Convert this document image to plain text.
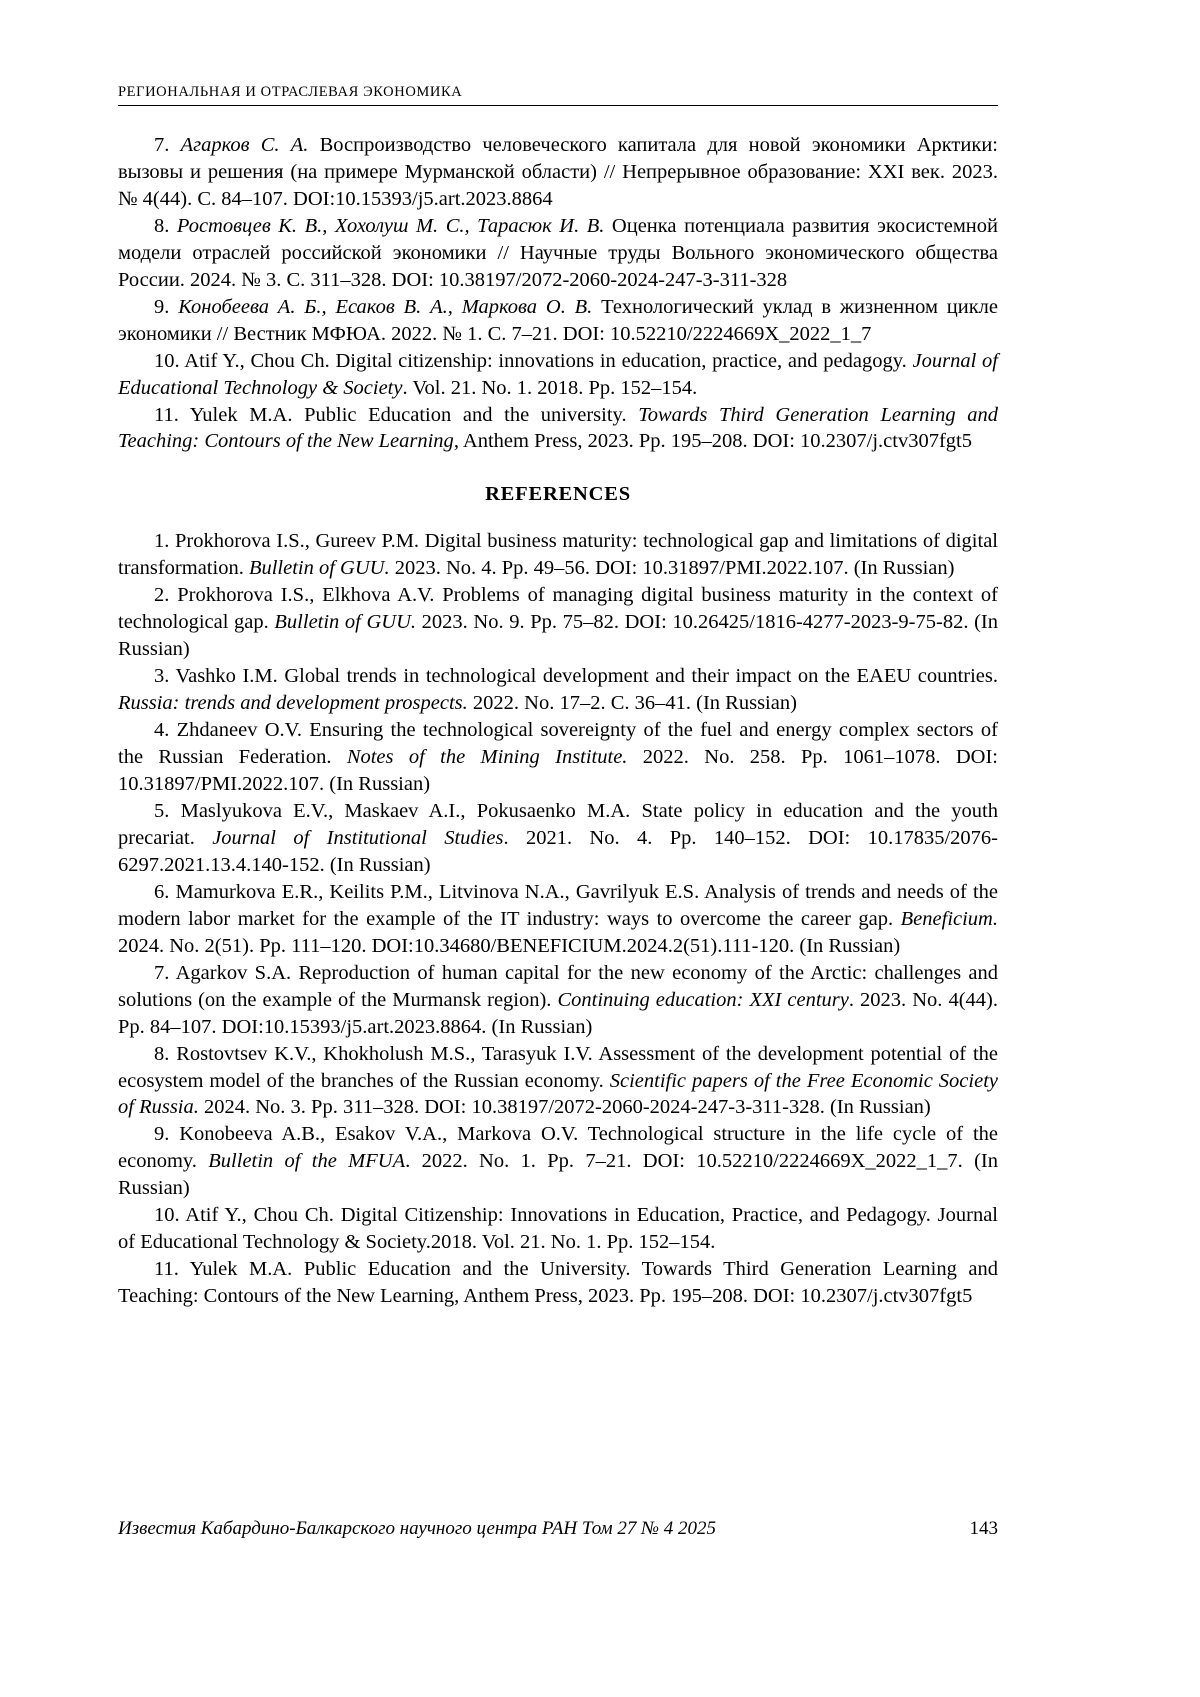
РЕГИОНАЛЬНАЯ И ОТРАСЛЕВАЯ ЭКОНОМИКА

7. Агарков С. А. Воспроизводство человеческого капитала для новой экономики Арктики: вызовы и решения (на примере Мурманской области) // Непрерывное образование: XXI век. 2023. № 4(44). С. 84–107. DOI:10.15393/j5.art.2023.8864

8. Ростовцев К. В., Хохолуш М. С., Тарасюк И. В. Оценка потенциала развития экосистемной модели отраслей российской экономики // Научные труды Вольного экономического общества России. 2024. № 3. С. 311–328. DOI: 10.38197/2072-2060-2024-247-3-311-328

9. Конобеева А. Б., Есаков В. А., Маркова О. В. Технологический уклад в жизненном цикле экономики // Вестник МФЮА. 2022. № 1. С. 7–21. DOI: 10.52210/2224669X_2022_1_7

10. Atif Y., Chou Ch. Digital citizenship: innovations in education, practice, and pedagogy. Journal of Educational Technology & Society. Vol. 21. No. 1. 2018. Pp. 152–154.

11. Yulek M.A. Public Education and the university. Towards Third Generation Learning and Teaching: Contours of the New Learning, Anthem Press, 2023. Pp. 195–208. DOI: 10.2307/j.ctv307fgt5

REFERENCES

1. Prokhorova I.S., Gureev P.M. Digital business maturity: technological gap and limitations of digital transformation. Bulletin of GUU. 2023. No. 4. Pp. 49–56. DOI: 10.31897/PMI.2022.107. (In Russian)

2. Prokhorova I.S., Elkhova A.V. Problems of managing digital business maturity in the context of technological gap. Bulletin of GUU. 2023. No. 9. Pp. 75–82. DOI: 10.26425/1816-4277-2023-9-75-82. (In Russian)

3. Vashko I.M. Global trends in technological development and their impact on the EAEU countries. Russia: trends and development prospects. 2022. No. 17–2. С. 36–41. (In Russian)

4. Zhdaneev O.V. Ensuring the technological sovereignty of the fuel and energy complex sectors of the Russian Federation. Notes of the Mining Institute. 2022. No. 258. Pp. 1061–1078. DOI: 10.31897/PMI.2022.107. (In Russian)

5. Maslyukova E.V., Maskaev A.I., Pokusaenko M.A. State policy in education and the youth precariat. Journal of Institutional Studies. 2021. No. 4. Pp. 140–152. DOI: 10.17835/2076-6297.2021.13.4.140-152. (In Russian)

6. Mamurkova E.R., Keilits P.M., Litvinova N.A., Gavrilyuk E.S. Analysis of trends and needs of the modern labor market for the example of the IT industry: ways to overcome the career gap. Beneficium. 2024. No. 2(51). Pp. 111–120. DOI:10.34680/BENEFICIUM.2024.2(51).111-120. (In Russian)

7. Agarkov S.A. Reproduction of human capital for the new economy of the Arctic: challenges and solutions (on the example of the Murmansk region). Continuing education: XXI century. 2023. No. 4(44). Pp. 84–107. DOI:10.15393/j5.art.2023.8864. (In Russian)

8. Rostovtsev K.V., Khokholush M.S., Tarasyuk I.V. Assessment of the development potential of the ecosystem model of the branches of the Russian economy. Scientific papers of the Free Economic Society of Russia. 2024. No. 3. Pp. 311–328. DOI: 10.38197/2072-2060-2024-247-3-311-328. (In Russian)

9. Konobeeva A.B., Esakov V.A., Markova O.V. Technological structure in the life cycle of the economy. Bulletin of the MFUA. 2022. No. 1. Pp. 7–21. DOI: 10.52210/2224669X_2022_1_7. (In Russian)

10. Atif Y., Chou Ch. Digital Citizenship: Innovations in Education, Practice, and Pedagogy. Journal of Educational Technology & Society.2018. Vol. 21. No. 1. Pp. 152–154.

11. Yulek M.A. Public Education and the University. Towards Third Generation Learning and Teaching: Contours of the New Learning, Anthem Press, 2023. Pp. 195–208. DOI: 10.2307/j.ctv307fgt5

Известия Кабардино-Балкарского научного центра РАН Том 27 № 4 2025	143
